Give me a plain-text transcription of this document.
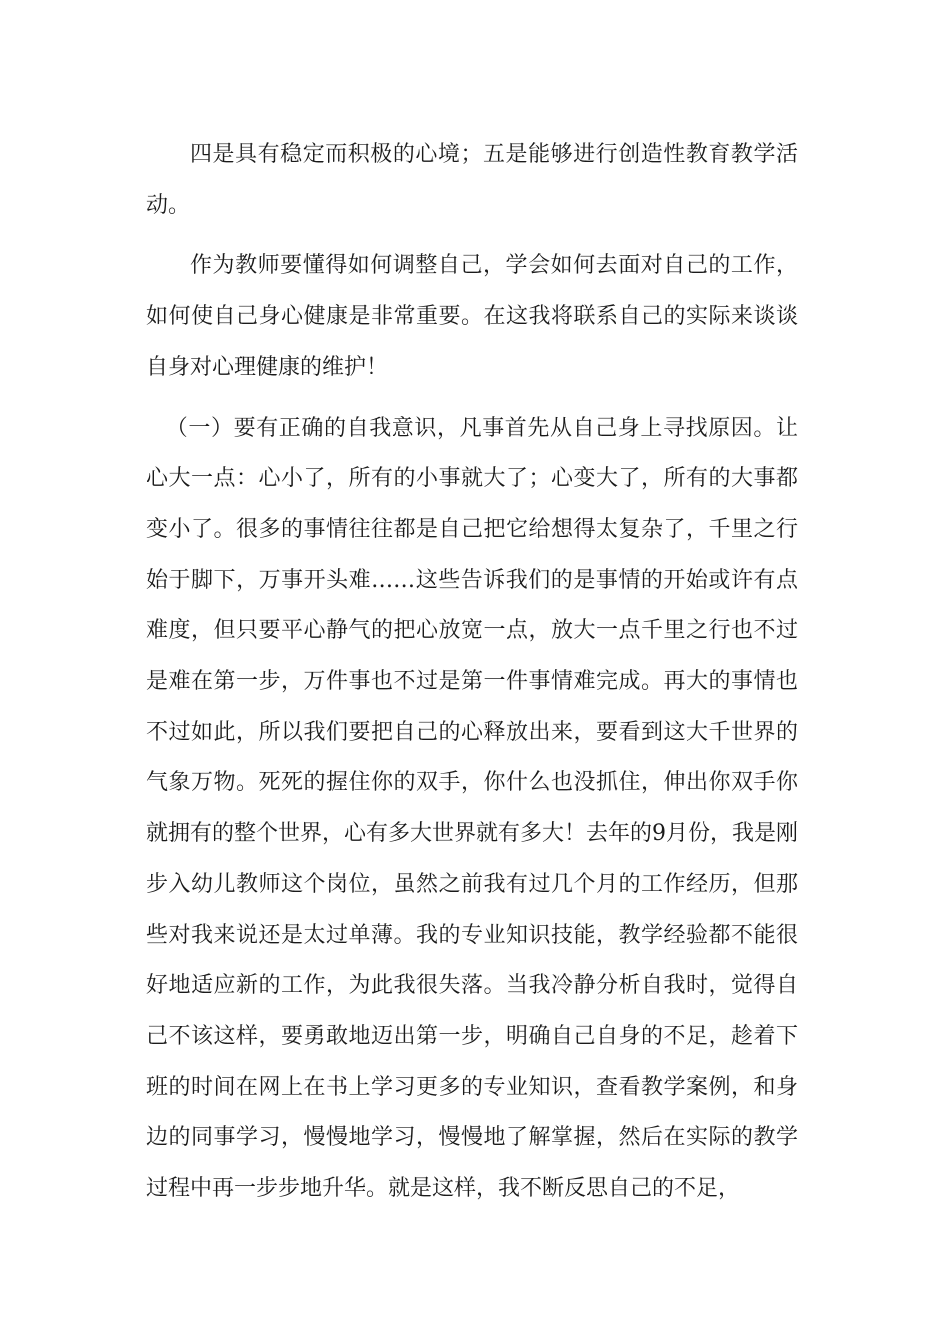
四是具有稳定而积极的心境；五是能够进行创造性教育教学活动。

作为教师要懂得如何调整自己，学会如何去面对自己的工作，如何使自己身心健康是非常重要。在这我将联系自己的实际来谈谈自身对心理健康的维护！

（一）要有正确的自我意识，凡事首先从自己身上寻找原因。让心大一点：心小了，所有的小事就大了；心变大了，所有的大事都变小了。很多的事情往往都是自己把它给想得太复杂了，千里之行始于脚下，万事开头难……这些告诉我们的是事情的开始或许有点难度，但只要平心静气的把心放宽一点，放大一点千里之行也不过是难在第一步，万件事也不过是第一件事情难完成。再大的事情也不过如此，所以我们要把自己的心释放出来，要看到这大千世界的气象万物。死死的握住你的双手，你什么也没抓住，伸出你双手你就拥有的整个世界，心有多大世界就有多大！去年的9月份，我是刚步入幼儿教师这个岗位，虽然之前我有过几个月的工作经历，但那些对我来说还是太过单薄。我的专业知识技能，教学经验都不能很好地适应新的工作，为此我很失落。当我冷静分析自我时，觉得自己不该这样，要勇敢地迈出第一步，明确自己自身的不足，趁着下班的时间在网上在书上学习更多的专业知识，查看教学案例，和身边的同事学习，慢慢地学习，慢慢地了解掌握，然后在实际的教学过程中再一步步地升华。就是这样，我不断反思自己的不足，
